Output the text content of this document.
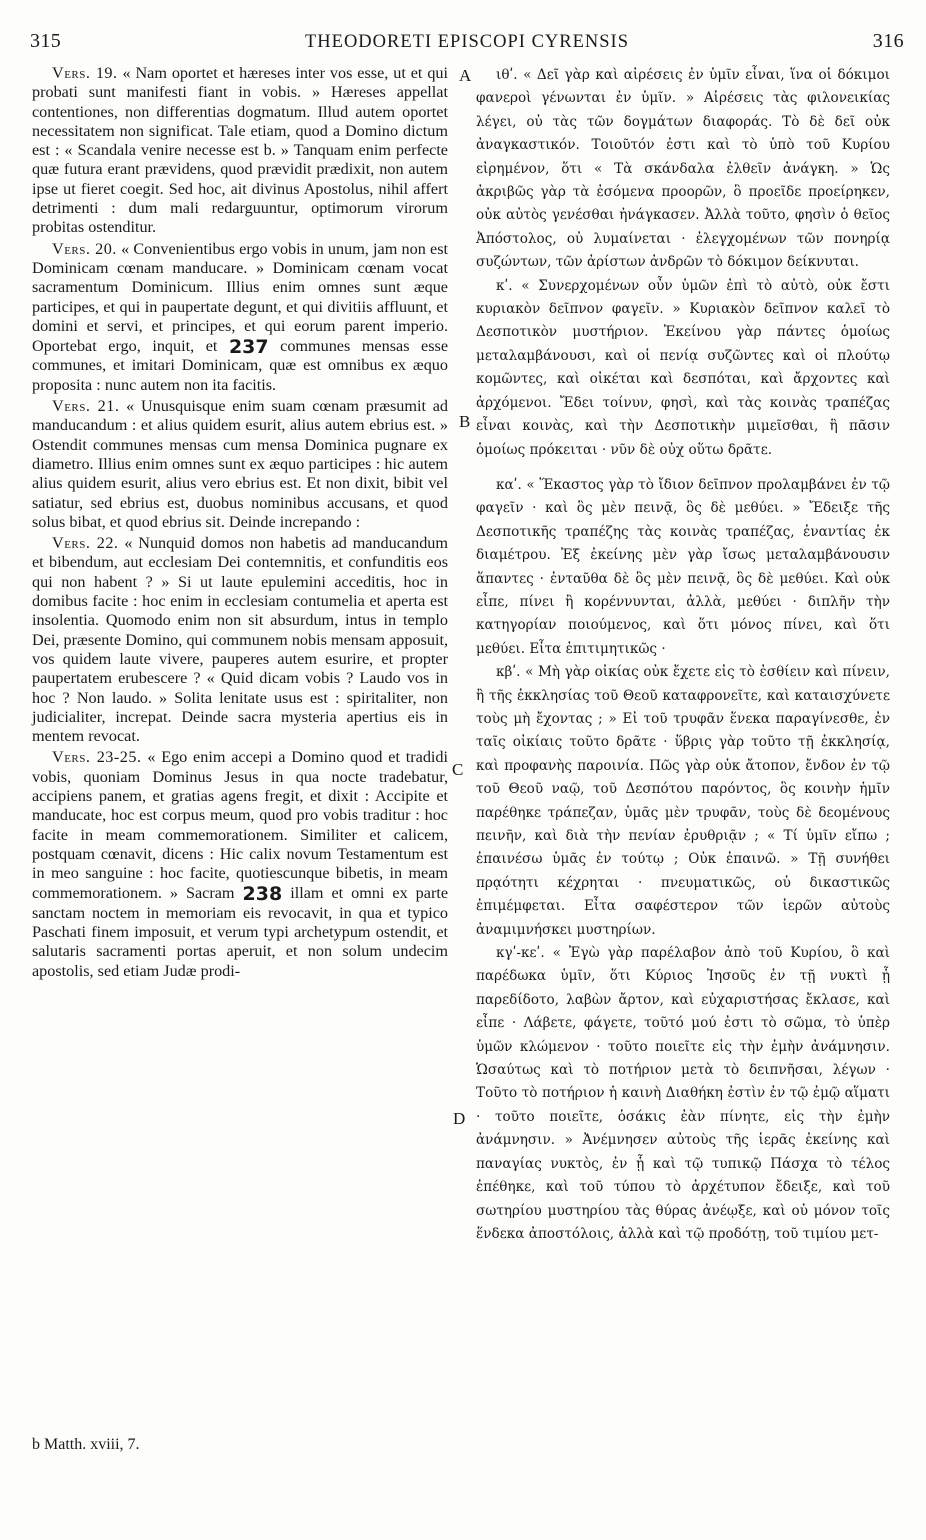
315	THEODORETI EPISCOPI CYRENSIS	316

Vers. 19. « Nam oportet et hæreses inter vos esse, ut et qui probati sunt manifesti fiant in vobis. » Hæreses appellat contentiones, non differentias dogmatum. Illud autem oportet necessitatem non significat. Tale etiam, quod a Domino dictum est : « Scandala venire necesse est b. » Tanquam enim perfecte quæ futura erant prævidens, quod prævidit prædixit, non autem ipse ut fieret coegit. Sed hoc, ait divinus Apostolus, nihil affert detrimenti : dum mali redarguuntur, optimorum virorum probitas ostenditur.

Vers. 20. « Convenientibus ergo vobis in unum, jam non est Dominicam cœnam manducare. » Dominicam cœnam vocat sacramentum Dominicum. Illius enim omnes sunt æque participes, et qui in paupertate degunt, et qui divitiis affluunt, et domini et servi, et principes, et qui eorum parent imperio. Oportebat ergo, inquit, et 237 communes mensas esse communes, et imitari Dominicam, quæ est omnibus ex æquo proposita : nunc autem non ita facitis.

Vers. 21. « Unusquisque enim suam cœnam præsumit ad manducandum : et alius quidem esurit, alius autem ebrius est. » Ostendit communes mensas cum mensa Dominica pugnare ex diametro. Illius enim omnes sunt ex æquo participes : hic autem alius quidem esurit, alius vero ebrius est. Et non dixit, bibit vel satiatur, sed ebrius est, duobus nominibus accusans, et quod solus bibat, et quod ebrius sit. Deinde increpando :

Vers. 22. « Nunquid domos non habetis ad manducandum et bibendum, aut ecclesiam Dei contemnitis, et confunditis eos qui non habent ? » Si ut laute epulemini acceditis, hoc in domibus facite : hoc enim in ecclesiam contumelia et aperta est insolentia. Quomodo enim non sit absurdum, intus in templo Dei, præsente Domino, qui communem nobis mensam apposuit, vos quidem laute vivere, pauperes autem esurire, et propter paupertatem erubescere ? « Quid dicam vobis ? Laudo vos in hoc ? Non laudo. » Solita lenitate usus est : spiritaliter, non judicialiter, increpat. Deinde sacra mysteria apertius eis in mentem revocat.

Vers. 23-25. « Ego enim accepi a Domino quod et tradidi vobis, quoniam Dominus Jesus in qua nocte tradebatur, accipiens panem, et gratias agens fregit, et dixit : Accipite et manducate, hoc est corpus meum, quod pro vobis traditur : hoc facite in meam commemorationem. Similiter et calicem, postquam cœnavit, dicens : Hic calix novum Testamentum est in meo sanguine : hoc facite, quotiescunque bibetis, in meam commemorationem. » Sacram 238 illam et omni ex parte sanctam noctem in memoriam eis revocavit, in qua et typico Paschati finem imposuit, et verum typi archetypum ostendit, et salutaris sacramenti portas aperuit, et non solum undecim apostolis, sed etiam Judæ prodi-

A
B
C
D

ιθʹ. « Δεῖ γὰρ καὶ αἱρέσεις ἐν ὑμῖν εἶναι, ἵνα οἱ δόκιμοι φανεροὶ γένωνται ἐν ὑμῖν. » Αἱρέσεις τὰς φιλονεικίας λέγει, οὐ τὰς τῶν δογμάτων διαφοράς. Τὸ δὲ δεῖ οὐκ ἀναγκαστικόν. Τοιοῦτόν ἐστι καὶ τὸ ὑπὸ τοῦ Κυρίου εἰρημένον, ὅτι « Τὰ σκάνδαλα ἐλθεῖν ἀνάγκη. » Ὡς ἀκριβῶς γὰρ τὰ ἐσόμενα προορῶν, ὃ προεῖδε προείρηκεν, οὐκ αὐτὸς γενέσθαι ἠνάγκασεν. Ἀλλὰ τοῦτο, φησὶν ὁ θεῖος Ἀπόστολος, οὐ λυμαίνεται · ἐλεγχομένων τῶν πονηρίᾳ συζώντων, τῶν ἀρίστων ἀνδρῶν τὸ δόκιμον δείκνυται.

κʹ. « Συνερχομένων οὖν ὑμῶν ἐπὶ τὸ αὐτὸ, οὐκ ἔστι κυριακὸν δεῖπνον φαγεῖν. » Κυριακὸν δεῖπνον καλεῖ τὸ Δεσποτικὸν μυστήριον. Ἐκείνου γὰρ πάντες ὁμοίως μεταλαμβάνουσι, καὶ οἱ πενίᾳ συζῶντες καὶ οἱ πλούτῳ κομῶντες, καὶ οἰκέται καὶ δεσπόται, καὶ ἄρχοντες καὶ ἀρχόμενοι. Ἔδει τοίνυν, φησὶ, καὶ τὰς κοινὰς τραπέζας εἶναι κοινὰς, καὶ τὴν Δεσποτικὴν μιμεῖσθαι, ἣ πᾶσιν ὁμοίως πρόκειται · νῦν δὲ οὐχ οὕτω δρᾶτε.

καʹ. « Ἕκαστος γὰρ τὸ ἴδιον δεῖπνον προλαμβάνει ἐν τῷ φαγεῖν · καὶ ὃς μὲν πεινᾷ, ὃς δὲ μεθύει. » Ἔδειξε τῆς Δεσποτικῆς τραπέζης τὰς κοινὰς τραπέζας, ἐναντίας ἐκ διαμέτρου. Ἐξ ἐκείνης μὲν γὰρ ἴσως μεταλαμβάνουσιν ἅπαντες · ἐνταῦθα δὲ ὃς μὲν πεινᾷ, ὃς δὲ μεθύει. Καὶ οὐκ εἶπε, πίνει ἢ κορέννυνται, ἀλλὰ, μεθύει · διπλῆν τὴν κατηγορίαν ποιούμενος, καὶ ὅτι μόνος πίνει, καὶ ὅτι μεθύει. Εἶτα ἐπιτιμητικῶς ·

κβʹ. « Μὴ γὰρ οἰκίας οὐκ ἔχετε εἰς τὸ ἐσθίειν καὶ πίνειν, ἢ τῆς ἐκκλησίας τοῦ Θεοῦ καταφρονεῖτε, καὶ καταισχύνετε τοὺς μὴ ἔχοντας ; » Εἰ τοῦ τρυφᾶν ἕνεκα παραγίνεσθε, ἐν ταῖς οἰκίαις τοῦτο δρᾶτε · ὕβρις γὰρ τοῦτο τῇ ἐκκλησίᾳ, καὶ προφανὴς παροινία. Πῶς γὰρ οὐκ ἄτοπον, ἔνδον ἐν τῷ τοῦ Θεοῦ ναῷ, τοῦ Δεσπότου παρόντος, ὃς κοινὴν ἡμῖν παρέθηκε τράπεζαν, ὑμᾶς μὲν τρυφᾶν, τοὺς δὲ δεομένους πεινῆν, καὶ διὰ τὴν πενίαν ἐρυθριᾷν ; « Τί ὑμῖν εἴπω ; ἐπαινέσω ὑμᾶς ἐν τούτῳ ; Οὐκ ἐπαινῶ. » Τῇ συνήθει πρᾳότητι κέχρηται · πνευματικῶς, οὐ δικαστικῶς ἐπιμέμφεται. Εἶτα σαφέστερον τῶν ἱερῶν αὐτοὺς ἀναμιμνήσκει μυστηρίων.

κγʹ-κεʹ. « Ἐγὼ γὰρ παρέλαβον ἀπὸ τοῦ Κυρίου, ὃ καὶ παρέδωκα ὑμῖν, ὅτι Κύριος Ἰησοῦς ἐν τῇ νυκτὶ ᾗ παρεδίδοτο, λαβὼν ἄρτον, καὶ εὐχαριστήσας ἔκλασε, καὶ εἶπε · Λάβετε, φάγετε, τοῦτό μού ἐστι τὸ σῶμα, τὸ ὑπὲρ ὑμῶν κλώμενον · τοῦτο ποιεῖτε εἰς τὴν ἐμὴν ἀνάμνησιν. Ὡσαύτως καὶ τὸ ποτήριον μετὰ τὸ δειπνῆσαι, λέγων · Τοῦτο τὸ ποτήριον ἡ καινὴ Διαθήκη ἐστὶν ἐν τῷ ἐμῷ αἵματι · τοῦτο ποιεῖτε, ὁσάκις ἐὰν πίνητε, εἰς τὴν ἐμὴν ἀνάμνησιν. » Ἀνέμνησεν αὐτοὺς τῆς ἱερᾶς ἐκείνης καὶ παναγίας νυκτὸς, ἐν ᾗ καὶ τῷ τυπικῷ Πάσχα τὸ τέλος ἐπέθηκε, καὶ τοῦ τύπου τὸ ἀρχέτυπον ἔδειξε, καὶ τοῦ σωτηρίου μυστηρίου τὰς θύρας ἀνέῳξε, καὶ οὐ μόνον τοῖς ἕνδεκα ἀποστόλοις, ἀλλὰ καὶ τῷ προδότῃ, τοῦ τιμίου μετ-

b Matth. xviii, 7.
